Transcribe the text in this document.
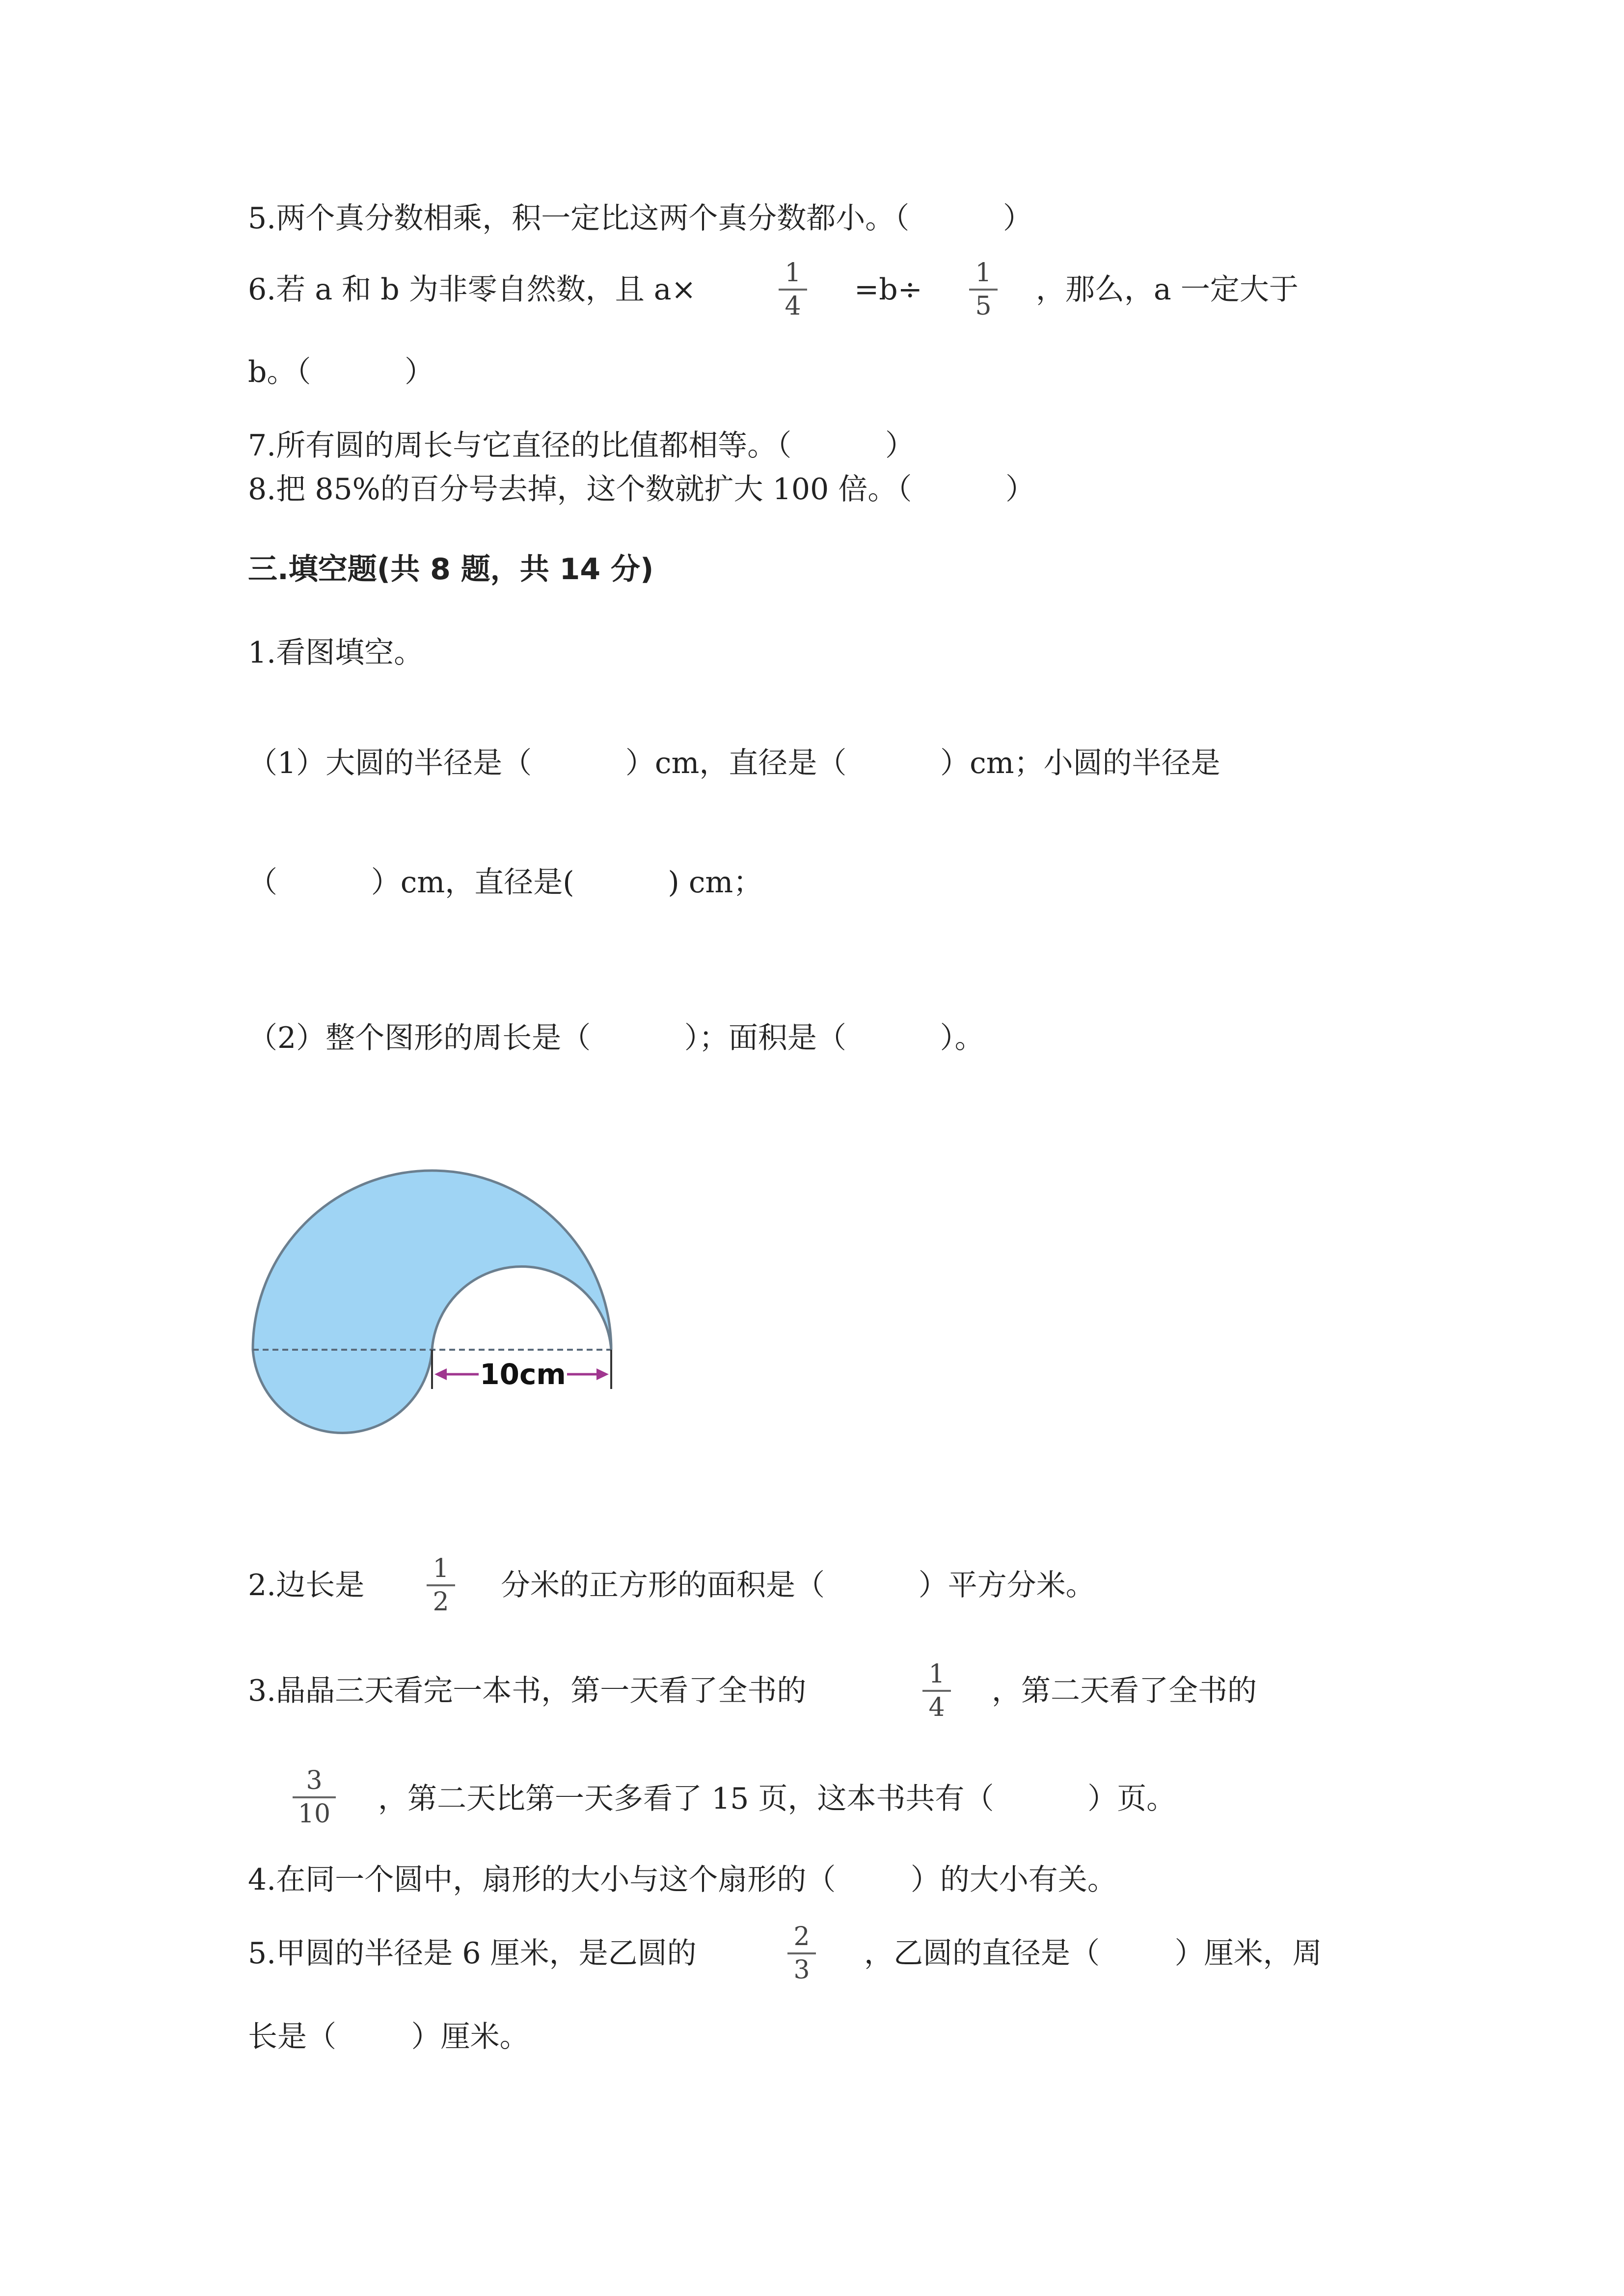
5.两个真分数相乘，积一定比这两个真分数都小。（          ）
6.若 a 和 b 为非零自然数，且 a×	1
4	=b÷	1
5	，那么，a 一定大于
b。（          ）
7.所有圆的周长与它直径的比值都相等。（          ）
8.把 85%的百分号去掉，这个数就扩大 100 倍。（          ）
三.填空题(共 8 题，共 14 分)
1.看图填空。
（1）大圆的半径是（          ）cm，直径是（          ）cm；小圆的半径是
（          ）cm，直径是(          ) cm；
（2）整个图形的周长是（          ）；面积是（          ）。
10cm
2.边长是	1
2	分米的正方形的面积是（          ）平方分米。
3.晶晶三天看完一本书，第一天看了全书的	1
4	，第二天看了全书的
3
10 ，第二天比第一天多看了 15 页，这本书共有（          ）页。
4.在同一个圆中，扇形的大小与这个扇形的（        ）的大小有关。
5.甲圆的半径是 6 厘米，是乙圆的	2
3	，乙圆的直径是（        ）厘米，周
长是（        ）厘米。
